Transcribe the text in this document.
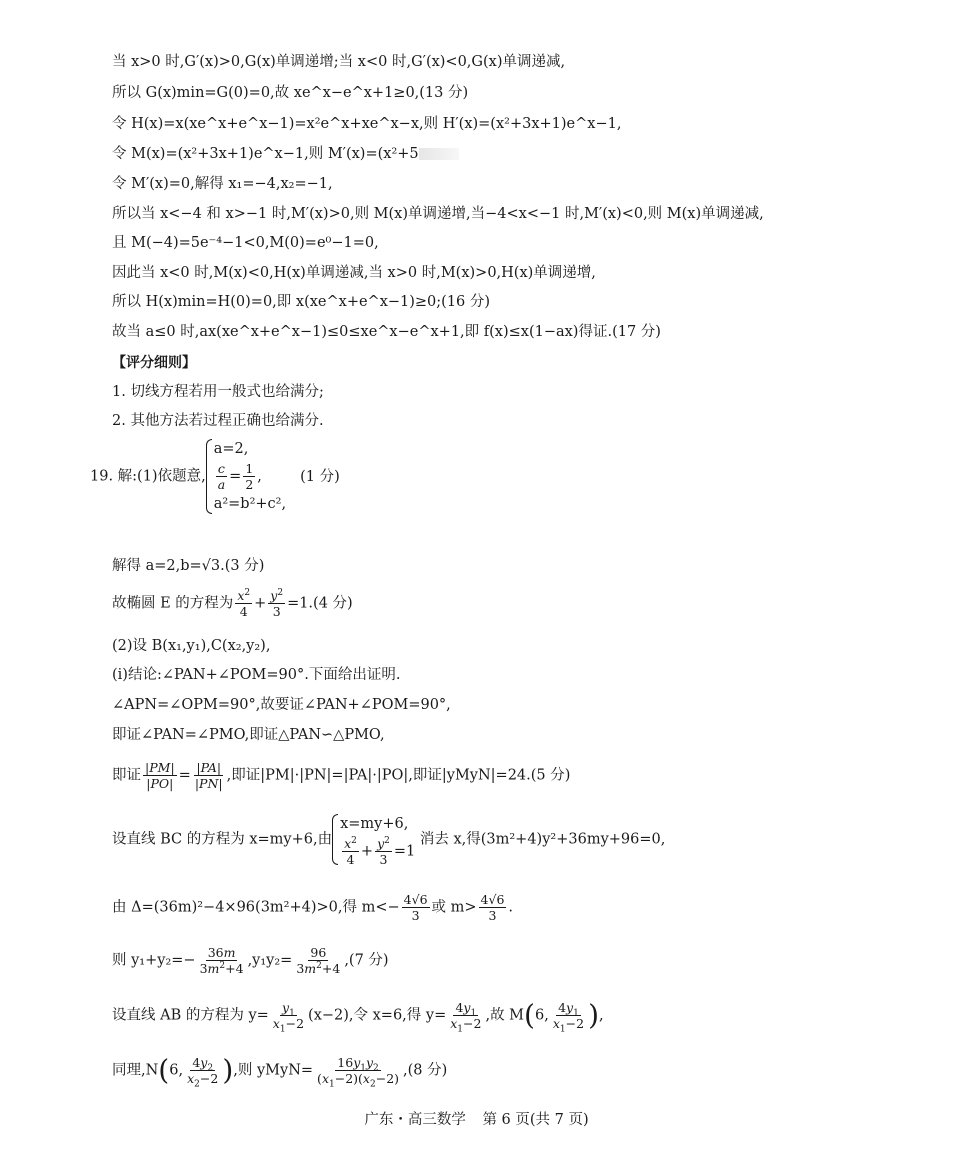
当 x>0 时,G′(x)>0,G(x)单调递增;当 x<0 时,G′(x)<0,G(x)单调递减,
所以 G(x)min=G(0)=0,故 xe^x−e^x+1≥0,(13 分)
令 H(x)=x(xe^x+e^x−1)=x²e^x+xe^x−x,则 H′(x)=(x²+3x+1)e^x−1,
令 M(x)=(x²+3x+1)e^x−1,则 M′(x)=(x²+5
令 M′(x)=0,解得 x₁=−4,x₂=−1,
所以当 x<−4 和 x>−1 时,M′(x)>0,则 M(x)单调递增,当−4<x<−1 时,M′(x)<0,则 M(x)单调递减,
且 M(−4)=5e⁻⁴−1<0,M(0)=e⁰−1=0,
因此当 x<0 时,M(x)<0,H(x)单调递减,当 x>0 时,M(x)>0,H(x)单调递增,
所以 H(x)min=H(0)=0,即 x(xe^x+e^x−1)≥0;(16 分)
故当 a≤0 时,ax(xe^x+e^x−1)≤0≤xe^x−e^x+1,即 f(x)≤x(1−ax)得证.(17 分)
【评分细则】
1. 切线方程若用一般式也给满分;
2. 其他方法若过程正确也给满分.
19. 解:(1)依题意,
a=2,
$\frac{c}{a} = \frac{1}{2}$ ,
a²=b²+c²,
(1 分)
解得 a=2,b=√3.(3 分)
故椭圆 E 的方程为 $\frac{x^2}{4} + \frac{y^2}{3} =1.(4$ 分)
(2)设 B(x₁,y₁),C(x₂,y₂),
(i)结论:∠PAN+∠POM=90°.下面给出证明.
∠APN=∠OPM=90°,故要证∠PAN+∠POM=90°,
即证∠PAN=∠PMO,即证△PAN∽△PMO,
即证 $\frac{|PM|}{|PO|} = \frac{|PA|}{|PN|}$ ,即证|PM|·|PN|=|PA|·|PO|,即证|yMyN|=24.(5 分)
设直线 BC 的方程为 x=my+6,由
x=my+6,
$\frac{x^2}{4} + \frac{y^2}{3} =1$
消去 x,得(3m²+4)y²+36my+96=0,
由 Δ=(36m)²−4×96(3m²+4)>0,得 $m<- \frac{4√6}{3}$ 或 $m> \frac{4√6}{3}$ .
则 $y_1+y_2=- \frac{36m}{3m^2+4} ,y_1y_2= \frac{96}{3m^2+4} ,(7$ 分)
设直线 AB 的方程为 $y= \frac{y_1}{x_1-2} (x-2)$,令 x=6,得 $y= \frac{4y_1}{x_1-2}$ ,故 M(6, $\frac{4y_1}{x_1-2}$ ),
同理,N(6, $\frac{4y_2}{x_2-2}$ ),则 yMyN= $\frac{16y_1y_2}{(x_1-2)(x_2-2)} ,(8$ 分)
广东・高三数学 第 6 页(共 7 页)
